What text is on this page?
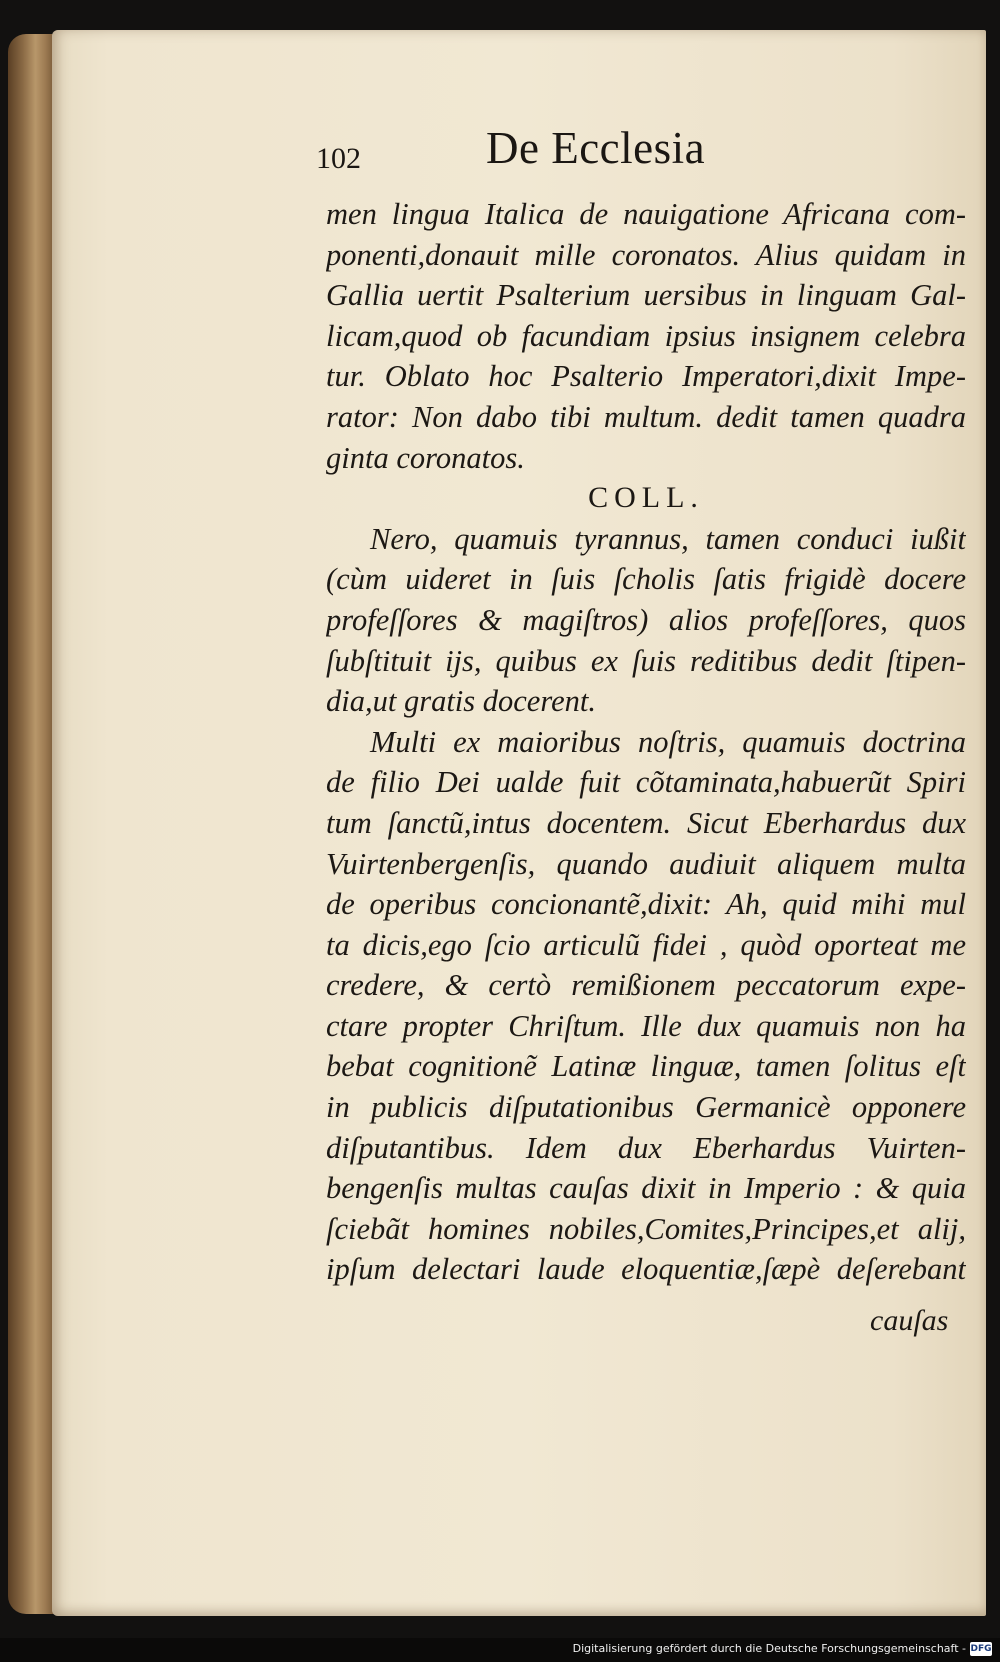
102	De Ecclesia
men lingua Italica de nauigatione Africana com-
ponenti,donauit mille coronatos. Alius quidam in
Gallia uertit Psalterium uersibus in linguam Gal-
licam,quod ob facundiam ipsius insignem celebra
tur. Oblato hoc Psalterio Imperatori,dixit Impe-
rator: Non dabo tibi multum. dedit tamen quadra
ginta coronatos.
COLL.
Nero, quamuis tyrannus, tamen conduci iußit
(cùm uideret in ſuis ſcholis ſatis frigidè docere
profeſſores & magiſtros) alios profeſſores, quos
ſubſtituit ijs, quibus ex ſuis reditibus dedit ſtipen-
dia,ut gratis docerent.
Multi ex maioribus noſtris, quamuis doctrina
de filio Dei ualde fuit cõtaminata,habuerũt Spiri
tum ſanctũ,intus docentem. Sicut Eberhardus dux
Vuirtenbergenſis, quando audiuit aliquem multa
de operibus concionantẽ,dixit: Ah, quid mihi mul
ta dicis,ego ſcio articulũ fidei , quòd oporteat me
credere, & certò remißionem peccatorum expe-
ctare propter Chriſtum. Ille dux quamuis non ha
bebat cognitionẽ Latinæ linguæ, tamen ſolitus eſt
in publicis diſputationibus Germanicè opponere
diſputantibus. Idem dux Eberhardus Vuirten-
bengenſis multas cauſas dixit in Imperio : & quia
ſciebãt homines nobiles,Comites,Principes,et alij,
ipſum delectari laude eloquentiæ,ſæpè deſerebant
cauſas
Digitalisierung gefördert durch die Deutsche Forschungsgemeinschaft - DFG
